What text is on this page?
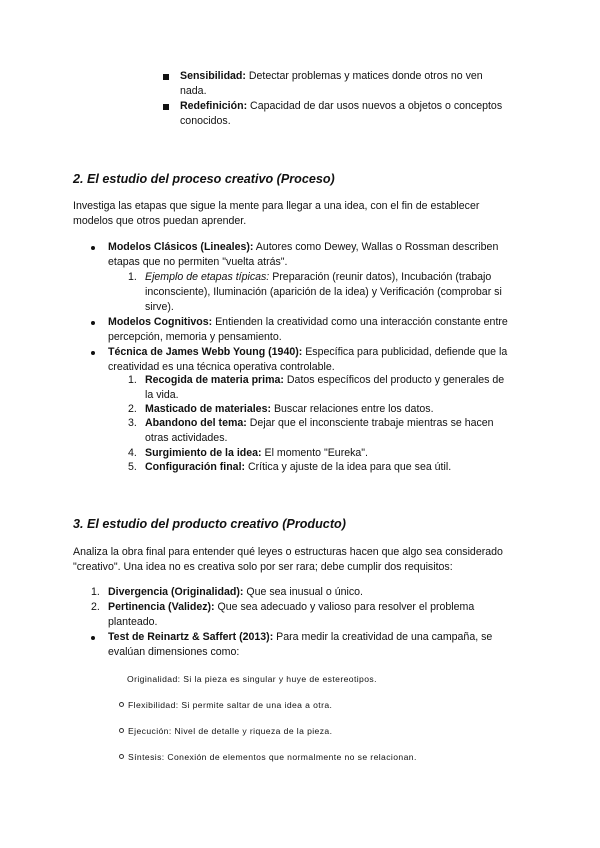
Sensibilidad: Detectar problemas y matices donde otros no ven

nada.

Redefinición: Capacidad de dar usos nuevos a objetos o conceptos

conocidos.

2. El estudio del proceso creativo (Proceso)

Investiga las etapas que sigue la mente para llegar a una idea, con el fin de establecer

modelos que otros puedan aprender.

Modelos Clásicos (Lineales): Autores como Dewey, Wallas o Rossman describen

etapas que no permiten "vuelta atrás".

1. Ejemplo de etapas típicas: Preparación (reunir datos), Incubación (trabajo

inconsciente), Iluminación (aparición de la idea) y Verificación (comprobar si

sirve).

Modelos Cognitivos: Entienden la creatividad como una interacción constante entre

percepción, memoria y pensamiento.

Técnica de James Webb Young (1940): Específica para publicidad, defiende que la

creatividad es una técnica operativa controlable.

1. Recogida de materia prima: Datos específicos del producto y generales de

la vida.

2. Masticado de materiales: Buscar relaciones entre los datos.

3. Abandono del tema: Dejar que el inconsciente trabaje mientras se hacen

otras actividades.

4. Surgimiento de la idea: El momento "Eureka".

5. Configuración final: Crítica y ajuste de la idea para que sea útil.

3. El estudio del producto creativo (Producto)

Analiza la obra final para entender qué leyes o estructuras hacen que algo sea considerado

"creativo". Una idea no es creativa solo por ser rara; debe cumplir dos requisitos:

1. Divergencia (Originalidad): Que sea inusual o único.

2. Pertinencia (Validez): Que sea adecuado y valioso para resolver el problema

planteado.

Test de Reinartz & Saffert (2013): Para medir la creatividad de una campaña, se

evalúan dimensiones como:

Originalidad: Si la pieza es singular y huye de estereotipos.

Flexibilidad: Si permite saltar de una idea a otra.

Ejecución: Nivel de detalle y riqueza de la pieza.

Síntesis: Conexión de elementos que normalmente no se relacionan.
